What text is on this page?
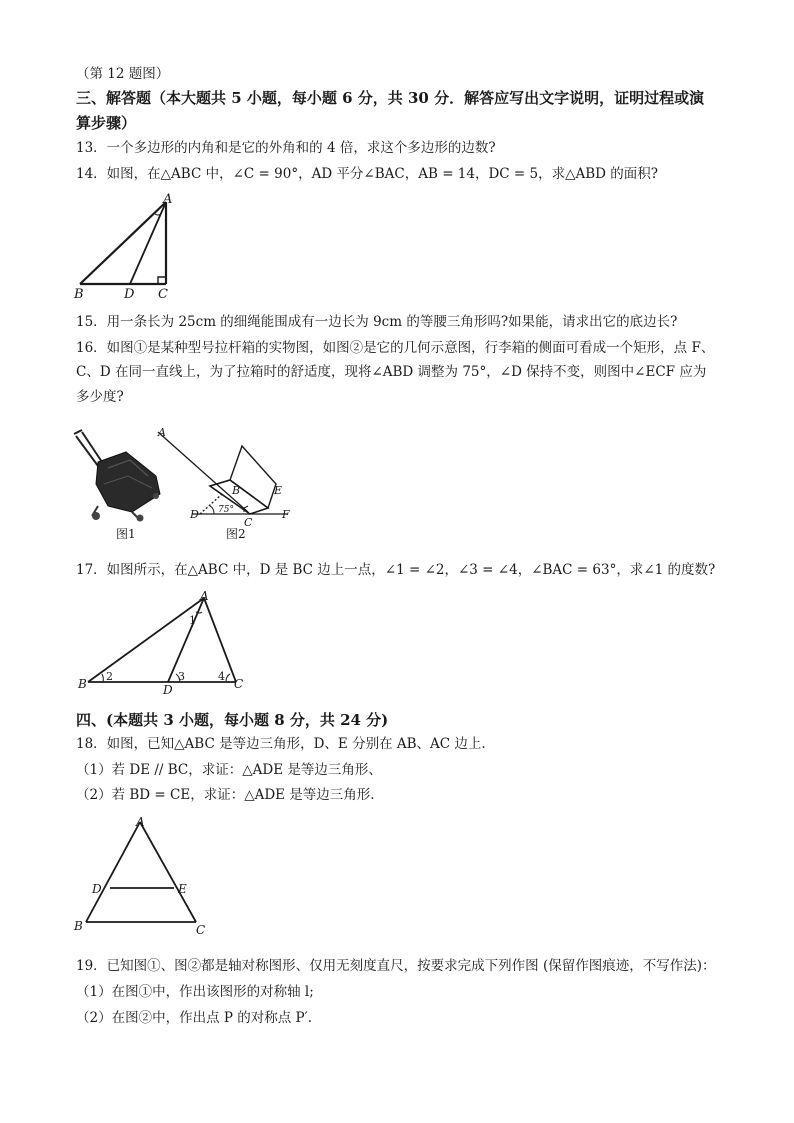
（第 12 题图）
三、解答题（本大题共 5 小题，每小题 6 分，共 30 分．解答应写出文字说明，证明过程或演
算步骤）
13．一个多边形的内角和是它的外角和的 4 倍，求这个多边形的边数?
14．如图，在△ABC 中，∠C = 90°，AD 平分∠BAC，AB = 14，DC = 5，求△ABD 的面积?
A
B	D C
15．用一条长为 25cm 的细绳能围成有一边长为 9cm 的等腰三角形吗?如果能，请求出它的底边长?
16．如图①是某种型号拉杆箱的实物图，如图②是它的几何示意图，行李箱的侧面可看成一个矩形，点 F、
C、D 在同一直线上，为了拉箱时的舒适度，现将∠ABD 调整为 75°，∠D 保持不变，则图中∠ECF 应为
多少度?
图1
A
B
C
D
E
F
75°
图2
17．如图所示，在△ABC 中，D 是 BC 边上一点，∠1 = ∠2，∠3 = ∠4，∠BAC = 63°，求∠1 的度数?
A
B	D	C
1
2	3	4
四、(本题共 3 小题，每小题 8 分，共 24 分)
18．如图，已知△ABC 是等边三角形，D、E 分别在 AB、AC 边上.
（1）若 DE // BC，求证：△ADE 是等边三角形、
（2）若 BD = CE，求证：△ADE 是等边三角形.
A
B	C
D	E
19．已知图①、图②都是轴对称图形、仅用无刻度直尺，按要求完成下列作图 (保留作图痕迹，不写作法)：
（1）在图①中，作出该图形的对称轴 l;
（2）在图②中，作出点 P 的对称点 P′.
